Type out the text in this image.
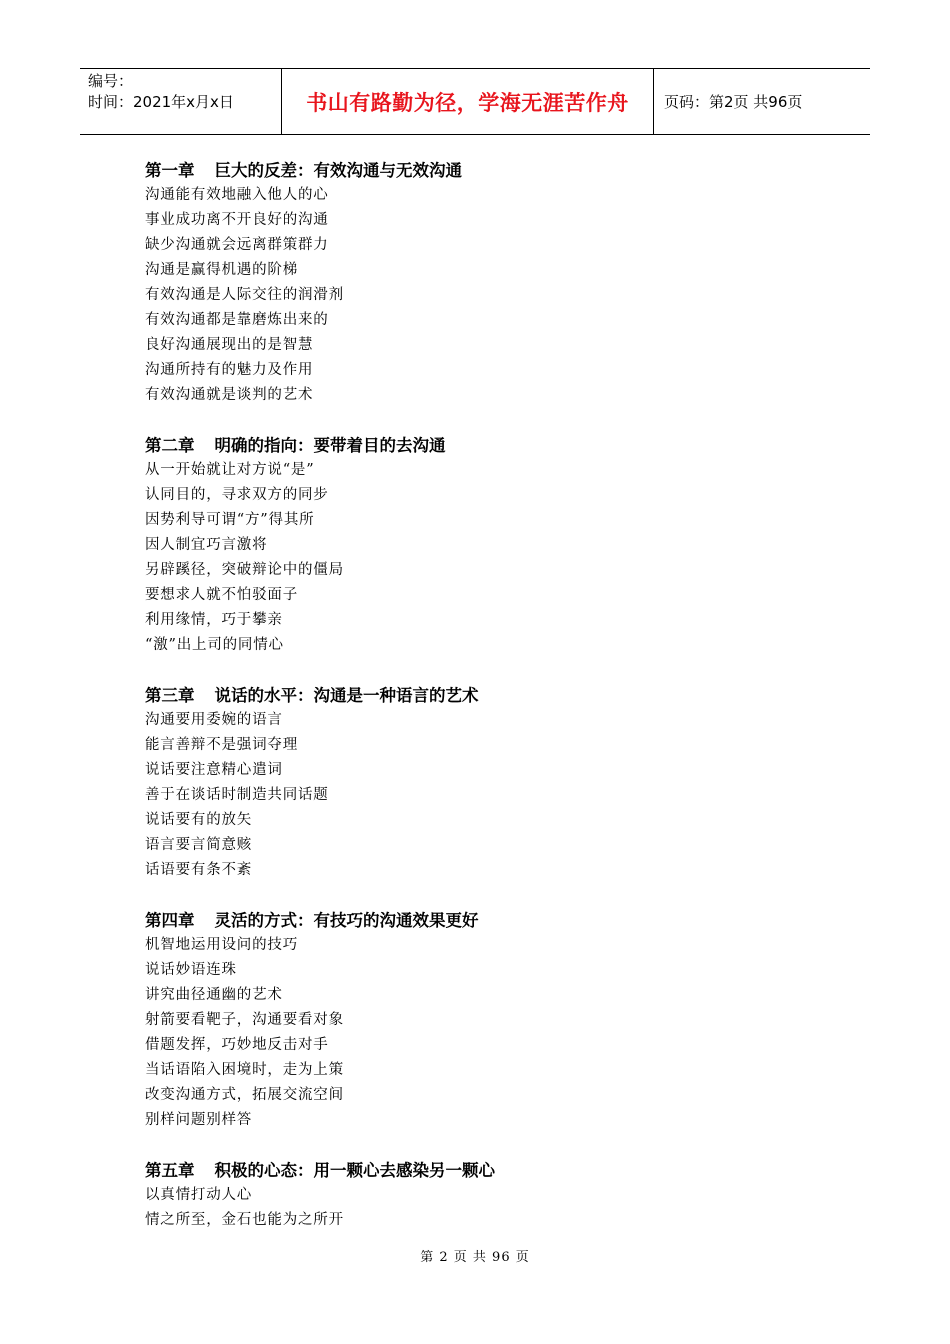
编号：
时间：2021年x月x日	书山有路勤为径，学海无涯苦作舟	页码：第2页 共96页
第一章 巨大的反差：有效沟通与无效沟通
沟通能有效地融入他人的心
事业成功离不开良好的沟通
缺少沟通就会远离群策群力
沟通是赢得机遇的阶梯
有效沟通是人际交往的润滑剂
有效沟通都是靠磨炼出来的
良好沟通展现出的是智慧
沟通所持有的魅力及作用
有效沟通就是谈判的艺术
第二章 明确的指向：要带着目的去沟通
从一开始就让对方说“是”
认同目的，寻求双方的同步
因势利导可谓“方”得其所
因人制宜巧言激将
另辟蹊径，突破辩论中的僵局
要想求人就不怕驳面子
利用缘情，巧于攀亲
“激”出上司的同情心
第三章 说话的水平：沟通是一种语言的艺术
沟通要用委婉的语言
能言善辩不是强词夺理
说话要注意精心遣词
善于在谈话时制造共同话题
说话要有的放矢
语言要言简意赅
话语要有条不紊
第四章 灵活的方式：有技巧的沟通效果更好
机智地运用设问的技巧
说话妙语连珠
讲究曲径通幽的艺术
射箭要看靶子，沟通要看对象
借题发挥，巧妙地反击对手
当话语陷入困境时，走为上策
改变沟通方式，拓展交流空间
别样问题别样答
第五章 积极的心态：用一颗心去感染另一颗心
以真情打动人心
情之所至，金石也能为之所开
第 2 页 共 96 页
